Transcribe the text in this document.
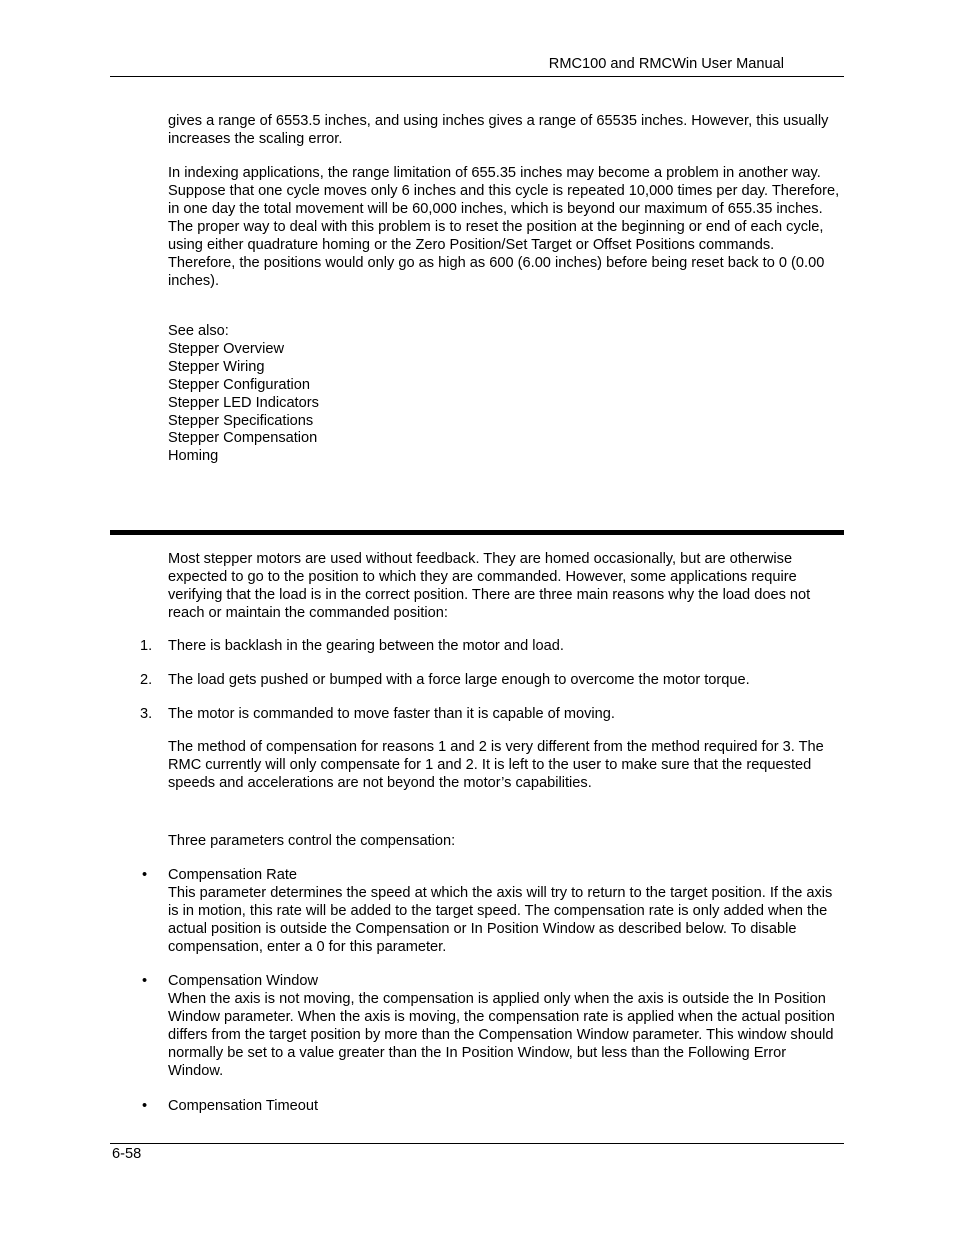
RMC100 and RMCWin User Manual

gives a range of 6553.5 inches, and using inches gives a range of 65535 inches. However, this usually increases the scaling error.

In indexing applications, the range limitation of 655.35 inches may become a problem in another way. Suppose that one cycle moves only 6 inches and this cycle is repeated 10,000 times per day. Therefore, in one day the total movement will be 60,000 inches, which is beyond our maximum of 655.35 inches. The proper way to deal with this problem is to reset the position at the beginning or end of each cycle, using either quadrature homing or the Zero Position/Set Target or Offset Positions commands. Therefore, the positions would only go as high as 600 (6.00 inches) before being reset back to 0 (0.00 inches).

See also:
Stepper Overview
Stepper Wiring
Stepper Configuration
Stepper LED Indicators
Stepper Specifications
Stepper Compensation
Homing

Most stepper motors are used without feedback. They are homed occasionally, but are otherwise expected to go to the position to which they are commanded. However, some applications require verifying that the load is in the correct position. There are three main reasons why the load does not reach or maintain the commanded position:

1. There is backlash in the gearing between the motor and load.
2. The load gets pushed or bumped with a force large enough to overcome the motor torque.
3. The motor is commanded to move faster than it is capable of moving.

The method of compensation for reasons 1 and 2 is very different from the method required for 3. The RMC currently will only compensate for 1 and 2. It is left to the user to make sure that the requested speeds and accelerations are not beyond the motor’s capabilities.

Three parameters control the compensation:

• Compensation Rate
This parameter determines the speed at which the axis will try to return to the target position. If the axis is in motion, this rate will be added to the target speed. The compensation rate is only added when the actual position is outside the Compensation or In Position Window as described below. To disable compensation, enter a 0 for this parameter.
• Compensation Window
When the axis is not moving, the compensation is applied only when the axis is outside the In Position Window parameter. When the axis is moving, the compensation rate is applied when the actual position differs from the target position by more than the Compensation Window parameter. This window should normally be set to a value greater than the In Position Window, but less than the Following Error Window.
• Compensation Timeout
6-58
